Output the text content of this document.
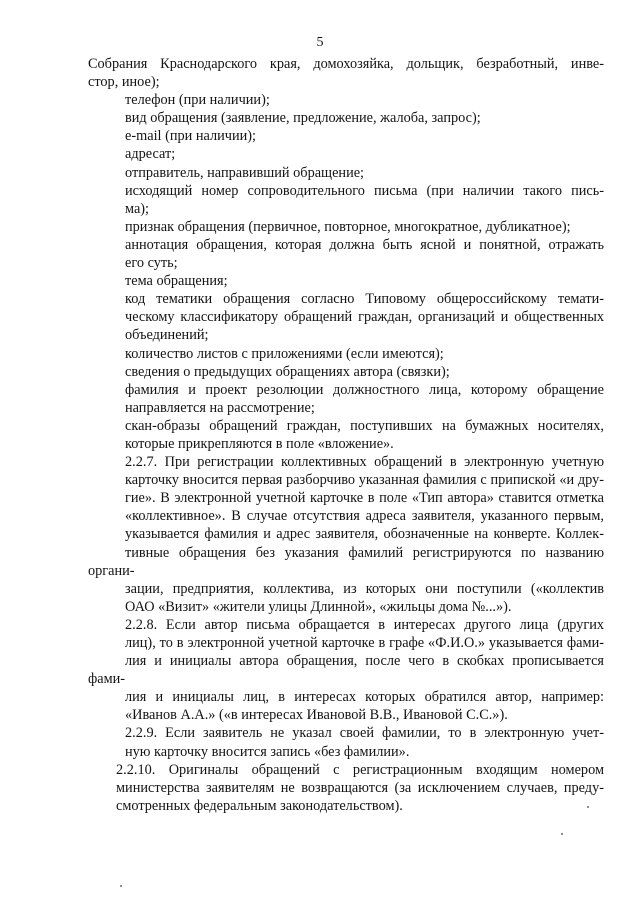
5

Собрания Краснодарского края, домохозяйка, дольщик, безработный, инве-
стор, иное);

телефон (при наличии);

вид обращения (заявление, предложение, жалоба, запрос);

e-mail (при наличии);

адресат;

отправитель, направивший обращение;

исходящий номер сопроводительного письма (при наличии такого пись-
ма);

признак обращения (первичное, повторное, многократное, дубликатное);

аннотация обращения, которая должна быть ясной и понятной, отражать
его суть;

тема обращения;

код тематики обращения согласно Типовому общероссийскому темати-
ческому классификатору обращений граждан, организаций и общественных
объединений;

количество листов с приложениями (если имеются);

сведения о предыдущих обращениях автора (связки);

фамилия и проект резолюции должностного лица, которому обращение
направляется на рассмотрение;

скан-образы обращений граждан, поступивших на бумажных носителях,
которые прикрепляются в поле «вложение».

2.2.7. При регистрации коллективных обращений в электронную учетную
карточку вносится первая разборчиво указанная фамилия с припиской «и дру-
гие». В электронной учетной карточке в поле «Тип автора» ставится отметка
«коллективное». В случае отсутствия адреса заявителя, указанного первым,
указывается фамилия и адрес заявителя, обозначенные на конверте. Коллек-
тивные обращения без указания фамилий регистрируются по названию органи-
зации, предприятия, коллектива, из которых они поступили («коллектив
ОАО «Визит» «жители улицы Длинной», «жильцы дома №...»).

2.2.8. Если автор письма обращается в интересах другого лица (других
лиц), то в электронной учетной карточке в графе «Ф.И.О.» указывается фами-
лия и инициалы автора обращения, после чего в скобках прописывается фами-
лия и инициалы лиц, в интересах которых обратился автор, например:
«Иванов А.А.» («в интересах Ивановой В.В., Ивановой С.С.»).

2.2.9. Если заявитель не указал своей фамилии, то в электронную учет-
ную карточку вносится запись «без фамилии».

2.2.10. Оригиналы обращений с регистрационным входящим номером
министерства заявителям не возвращаются (за исключением случаев, преду-
смотренных федеральным законодательством).
